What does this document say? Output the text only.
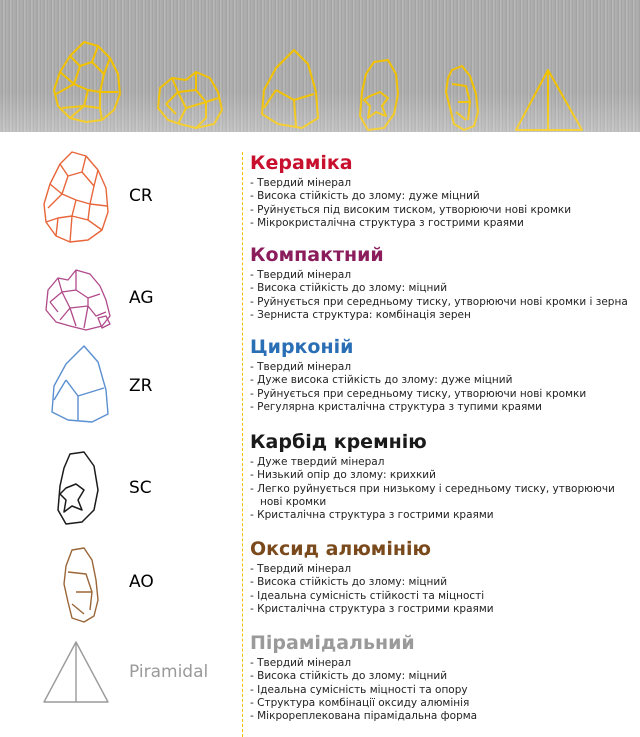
CR
AG
ZR
SC
AO
Piramidal
Кераміка
- Твердий мінерал
- Висока стійкість до злому: дуже міцний
- Руйнується під високим тиском, утворюючи нові кромки
- Мікрокристалічна структура з гострими краями
Компактний
- Твердий мінерал
- Висока стійкість до злому: міцний
- Руйнується при середньому тиску, утворюючи нові кромки і зерна
- Зерниста структура: комбінація зерен
Цирконій
- Твердий мінерал
- Дуже висока стійкість до злому: дуже міцний
- Руйнується при середньому тиску, утворюючи нові кромки
- Регулярна кристалічна структура з тупими краями
Карбід кремнію
- Дуже твердий мінерал
- Низький опір до злому: крихкий
- Легко руйнується при низькому і середньому тиску, утворюючи нові кромки
- Кристалічна структура з гострими краями
Оксид алюмінію
- Твердий мінерал
- Висока стійкість до злому: міцний
- Ідеальна сумісність стійкості та міцності
- Кристалічна структура з гострими краями
Пірамідальний
- Твердий мінерал
- Висока стійкість до злому: міцний
- Ідеальна сумісність міцності та опору
- Структура комбінації оксиду алюмінія
- Мікрореплекована пірамідальна форма
